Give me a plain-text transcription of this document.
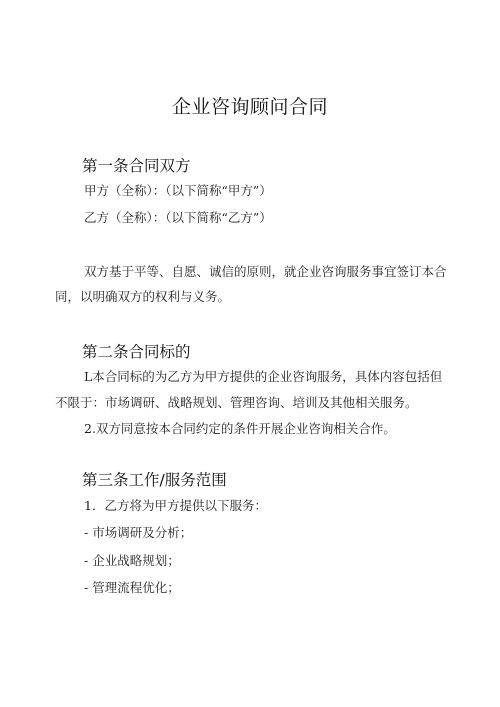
企业咨询顾问合同
第一条合同双方
甲方（全称）：（以下简称“甲方”）
乙方（全称）：（以下简称“乙方”）
双方基于平等、自愿、诚信的原则，就企业咨询服务事宜签订本合
同，以明确双方的权利与义务。
第二条合同标的
L本合同标的为乙方为甲方提供的企业咨询服务，具体内容包括但
不限于：市场调研、战略规划、管理咨询、培训及其他相关服务。
2.双方同意按本合同约定的条件开展企业咨询相关合作。
第三条工作/服务范围
1．乙方将为甲方提供以下服务：
- 市场调研及分析；
- 企业战略规划；
- 管理流程优化；
